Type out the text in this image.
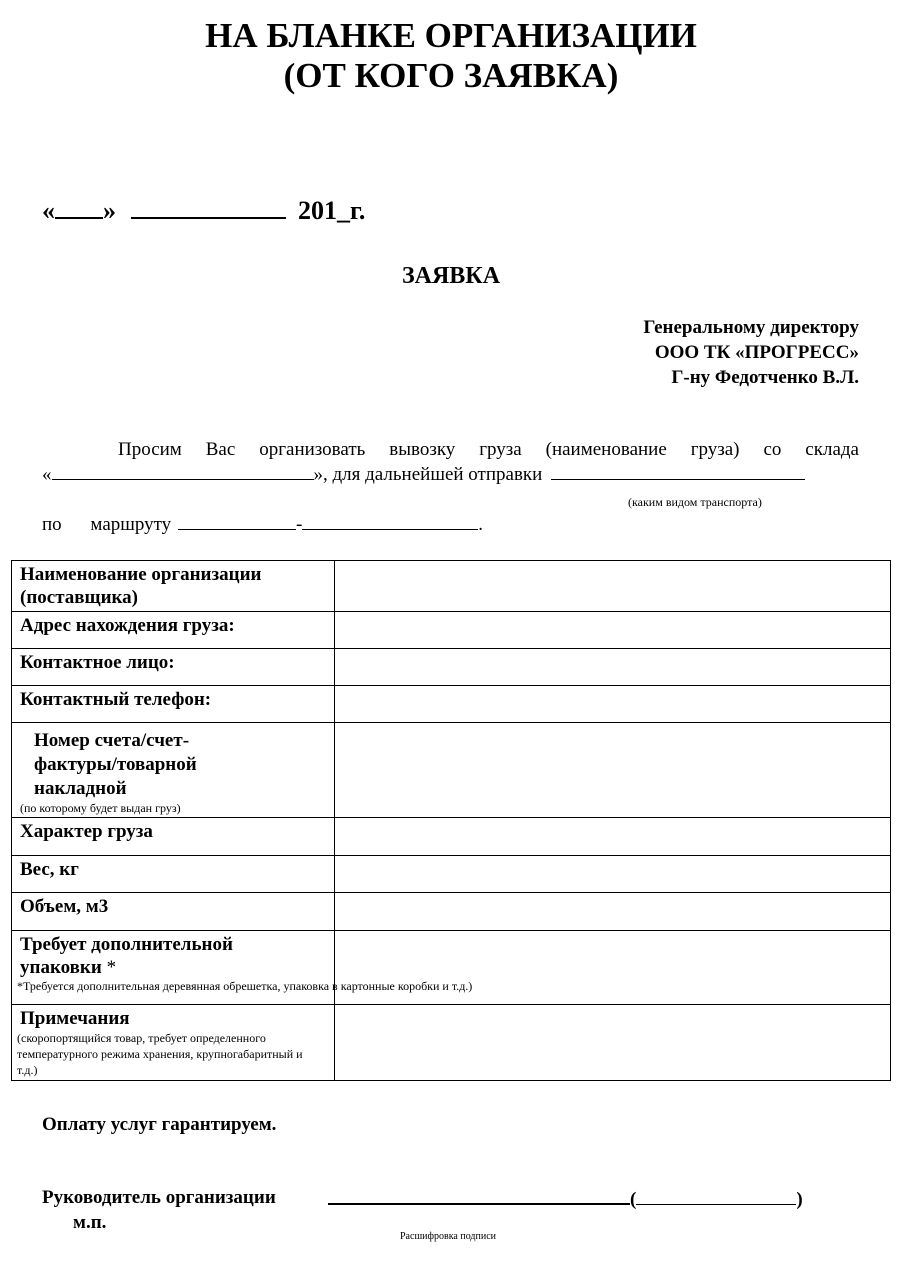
НА БЛАНКЕ ОРГАНИЗАЦИИ
(ОТ КОГО ЗАЯВКА)
« »	201_г.
ЗАЯВКА
Генеральному директору
ООО ТК «ПРОГРЕСС»
Г-ну Федотченко В.Л.
Просим Вас организовать вывозку груза (наименование груза) со склада
«	», для дальнейшей отправки
(каким видом транспорта)
по маршруту	-	.
Наименование организации (поставщика)	
Адрес нахождения груза:	
Контактное лицо:	
Контактный телефон:	

Номер счета/счет-фактуры/товарной накладной
(по которому будет выдан груз)	

Характер груза	
Вес, кг	
Объем, м3	

Требует дополнительной упаковки *
*Требуется дополнительная деревянная обрешетка, упаковка в картонные коробки и т.д.)	

Примечания
(скоропортящийся товар, требует определенного температурного режима хранения, крупногабаритный и т.д.)	

Оплату услуг гарантируем.
Руководитель организации	(	)
м.п.
Расшифровка подписи
